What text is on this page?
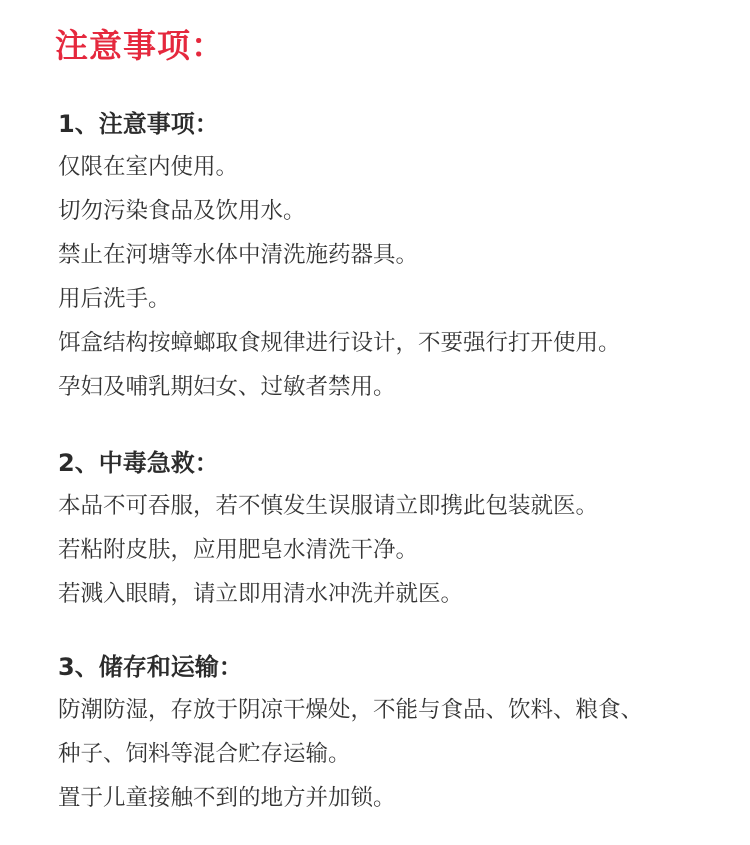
注意事项：
1、注意事项：

仅限在室内使用。

切勿污染食品及饮用水。

禁止在河塘等水体中清洗施药器具。

用后洗手。

饵盒结构按蟑螂取食规律进行设计，不要强行打开使用。

孕妇及哺乳期妇女、过敏者禁用。

2、中毒急救：

本品不可吞服，若不慎发生误服请立即携此包装就医。

若粘附皮肤，应用肥皂水清洗干净。

若溅入眼睛，请立即用清水冲洗并就医。

3、储存和运输：

防潮防湿，存放于阴凉干燥处，不能与食品、饮料、粮食、

种子、饲料等混合贮存运输。

置于儿童接触不到的地方并加锁。
